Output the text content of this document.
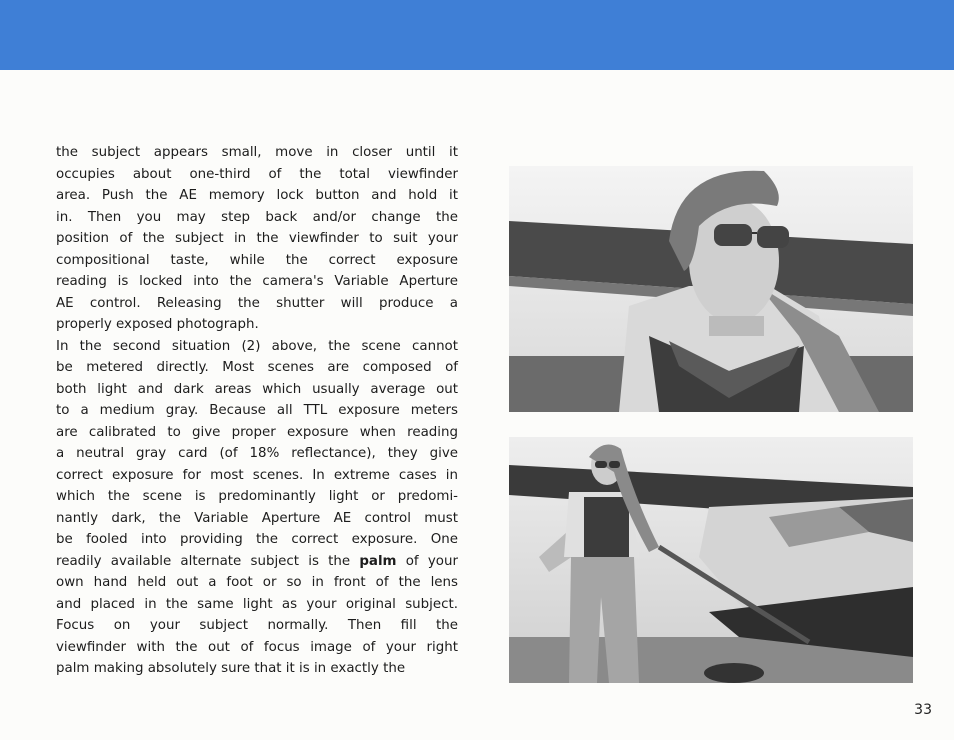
the subject appears small, move in closer until it
occupies about one-third of the total viewfinder
area. Push the AE memory lock button and hold it
in. Then you may step back and/or change the
position of the subject in the viewfinder to suit your
compositional taste, while the correct exposure
reading is locked into the camera's Variable Aperture
AE control. Releasing the shutter will produce a
properly exposed photograph.
In the second situation (2) above, the scene cannot
be metered directly. Most scenes are composed of
both light and dark areas which usually average out
to a medium gray. Because all TTL exposure meters
are calibrated to give proper exposure when reading
a neutral gray card (of 18% reflectance), they give
correct exposure for most scenes. In extreme cases in
which the scene is predominantly light or predomi-
nantly dark, the Variable Aperture AE control must
be fooled into providing the correct exposure. One
readily available alternate subject is the palm of your
own hand held out a foot or so in front of the lens
and placed in the same light as your original subject.
Focus on your subject normally. Then fill the
viewfinder with the out of focus image of your right
palm making absolutely sure that it is in exactly the
33
